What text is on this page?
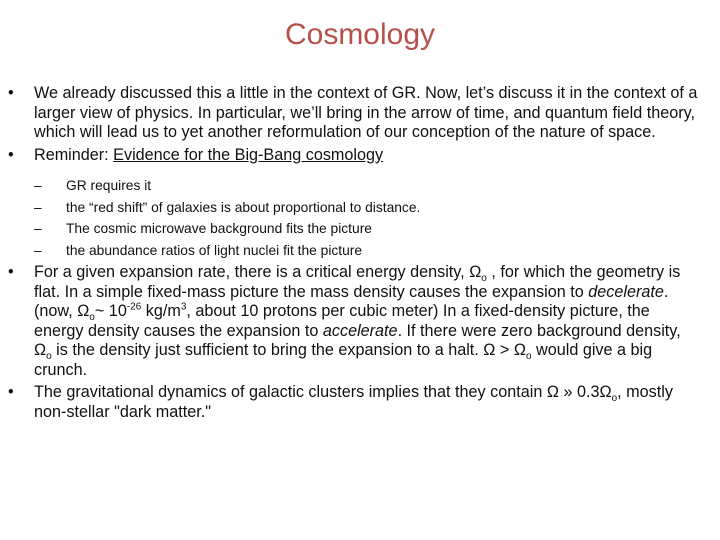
Cosmology
•	We already discussed this a little in the context of GR. Now, let’s discuss it in the context of a larger view of physics. In particular, we’ll bring in the arrow of time, and quantum field theory, which will lead us to yet another reformulation of our conception of the nature of space.
•	Reminder: Evidence for the Big-Bang cosmology
– GR requires it
– the “red shift” of galaxies is about proportional to distance.
– The cosmic microwave background fits the picture
– the abundance ratios of light nuclei fit the picture
•	For a given expansion rate, there is a critical energy density, $\Omega_o$ , for which the geometry is flat. In a simple fixed-mass picture the mass density causes the expansion to decelerate. (now, $\Omega_o\sim$ $10^{-26}$ $kg/m^3$, about 10 protons per cubic meter) In a fixed-density picture, the energy density causes the expansion to accelerate. If there were zero background density, $\Omega_o$ is the density just sufficient to bring the expansion to a halt. $\Omega > \Omega_o$ would give a big crunch.
•	The gravitational dynamics of galactic clusters implies that they contain Ω » $0.3\Omega_o$, mostly non-stellar "dark matter."
